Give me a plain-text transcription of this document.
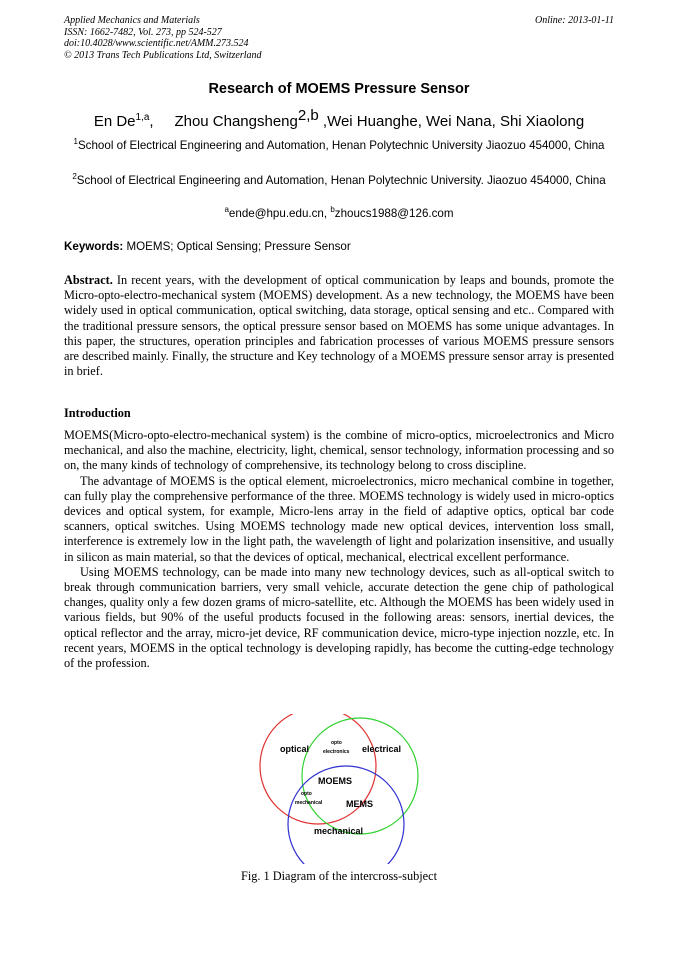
Applied Mechanics and Materials
ISSN: 1662-7482, Vol. 273, pp 524-527
doi:10.4028/www.scientific.net/AMM.273.524
© 2013 Trans Tech Publications Ltd, Switzerland
Online: 2013-01-11
Research of MOEMS Pressure Sensor
En De$^{1,a}$,     Zhou Changsheng$^{2,b}$ ,Wei Huanghe, Wei Nana, Shi Xiaolong
$^1$School of Electrical Engineering and Automation, Henan Polytechnic University Jiaozuo 454000, China
$^2$School of Electrical Engineering and Automation, Henan Polytechnic University. Jiaozuo 454000, China
$^a$ende@hpu.edu.cn, $^b$zhoucs1988@126.com
Keywords: MOEMS; Optical Sensing; Pressure Sensor
Abstract. In recent years, with the development of optical communication by leaps and bounds, promote the Micro-opto-electro-mechanical system (MOEMS) development. As a new technology, the MOEMS have been widely used in optical communication, optical switching, data storage, optical sensing and etc.. Compared with the traditional pressure sensors, the optical pressure sensor based on MOEMS has some unique advantages. In this paper, the structures, operation principles and fabrication processes of various MOEMS pressure sensors are described mainly. Finally, the structure and Key technology of a MOEMS pressure sensor array is presented in brief.
Introduction

MOEMS(Micro-opto-electro-mechanical system) is the combine of micro-optics, microelectronics and Micro mechanical, and also the machine, electricity, light, chemical, sensor technology, information processing and so on, the many kinds of technology of comprehensive, its technology belong to cross discipline.

The advantage of MOEMS is the optical element, microelectronics, micro mechanical combine in together, can fully play the comprehensive performance of the three. MOEMS technology is widely used in micro-optics devices and optical system, for example, Micro-lens array in the field of adaptive optics, optical bar code scanners, optical switches. Using MOEMS technology made new optical devices, intervention loss small, interference is extremely low in the light path, the wavelength of light and polarization insensitive, and usually in silicon as main material, so that the devices of optical, mechanical, electrical excellent performance.

Using MOEMS technology, can be made into many new technology devices, such as all-optical switch to break through communication barriers, very small vehicle, accurate detection the gene chip of pathological changes, quality only a few dozen grams of micro-satellite, etc. Although the MOEMS has been widely used in various fields, but 90% of the useful products focused in the following areas: sensors, inertial devices, the optical reflector and the array, micro-jet device, RF communication device, micro-type injection nozzle, etc. In recent years, MOEMS in the optical technology is developing rapidly, has become the cutting-edge technology of the profession.

optical	electrical
mechanical
opto
electronics
opto
mechanical
MOEMS
MEMS
Fig. 1 Diagram of the intercross-subject
